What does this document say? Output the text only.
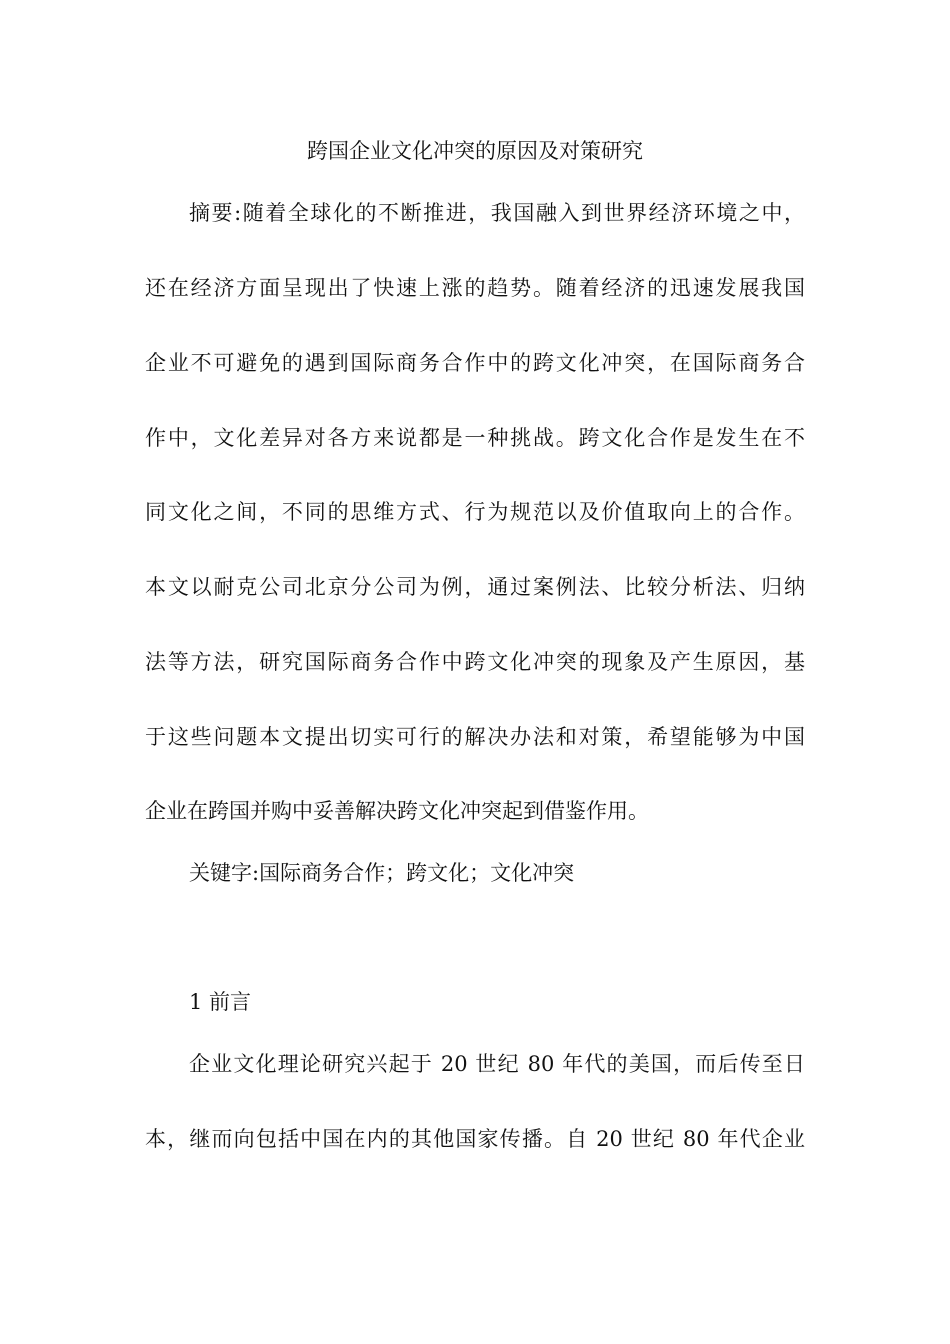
跨国企业文化冲突的原因及对策研究
摘要:随着全球化的不断推进，我国融入到世界经济环境之中，
还在经济方面呈现出了快速上涨的趋势。随着经济的迅速发展我国
企业不可避免的遇到国际商务合作中的跨文化冲突，在国际商务合
作中，文化差异对各方来说都是一种挑战。跨文化合作是发生在不
同文化之间，不同的思维方式、行为规范以及价值取向上的合作。
本文以耐克公司北京分公司为例，通过案例法、比较分析法、归纳
法等方法，研究国际商务合作中跨文化冲突的现象及产生原因，基
于这些问题本文提出切实可行的解决办法和对策，希望能够为中国
企业在跨国并购中妥善解决跨文化冲突起到借鉴作用。
关键字:国际商务合作；跨文化；文化冲突
1 前言
企业文化理论研究兴起于 20 世纪 80 年代的美国，而后传至日
本，继而向包括中国在内的其他国家传播。自 20 世纪 80 年代企业
